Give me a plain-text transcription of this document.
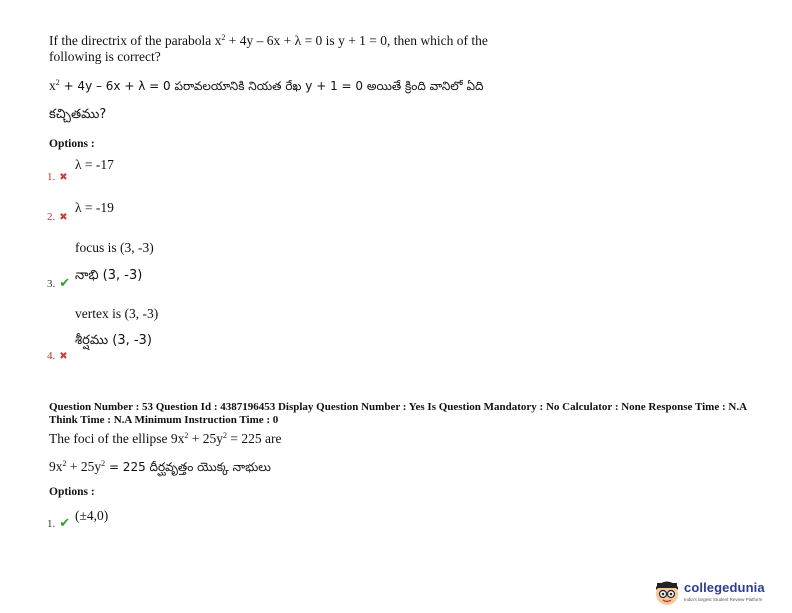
If the directrix of the parabola $x^2 + 4y - 6x + \lambda = 0$ is y + 1 = 0, then which of the
following is correct?
$x^2 + 4y - 6x + \lambda = 0$ పరావలయానికి నియత రేఖ y + 1 = 0 అయితే క్రింది వానిలో ఏది
కచ్చితము?
Options :
λ = -17
1. ✖
λ = -19
2. ✖
focus is (3, -3)
నాభి (3, -3)
3. ✔
vertex is (3, -3)
శీర్షము (3, -3)
4. ✖
Question Number : 53 Question Id : 4387196453 Display Question Number : Yes Is Question Mandatory : No Calculator : None Response Time : N.A Think Time : N.A Minimum Instruction Time : 0
The foci of the ellipse $9x^2 + 25y^2 = 225$ are
$9x^2 + 25y^2 = 225$ దీర్ఘవృత్తం యొక్క నాభులు
Options :
(±4,0)
1. ✔
collegedunia
India's largest Student Review Platform
